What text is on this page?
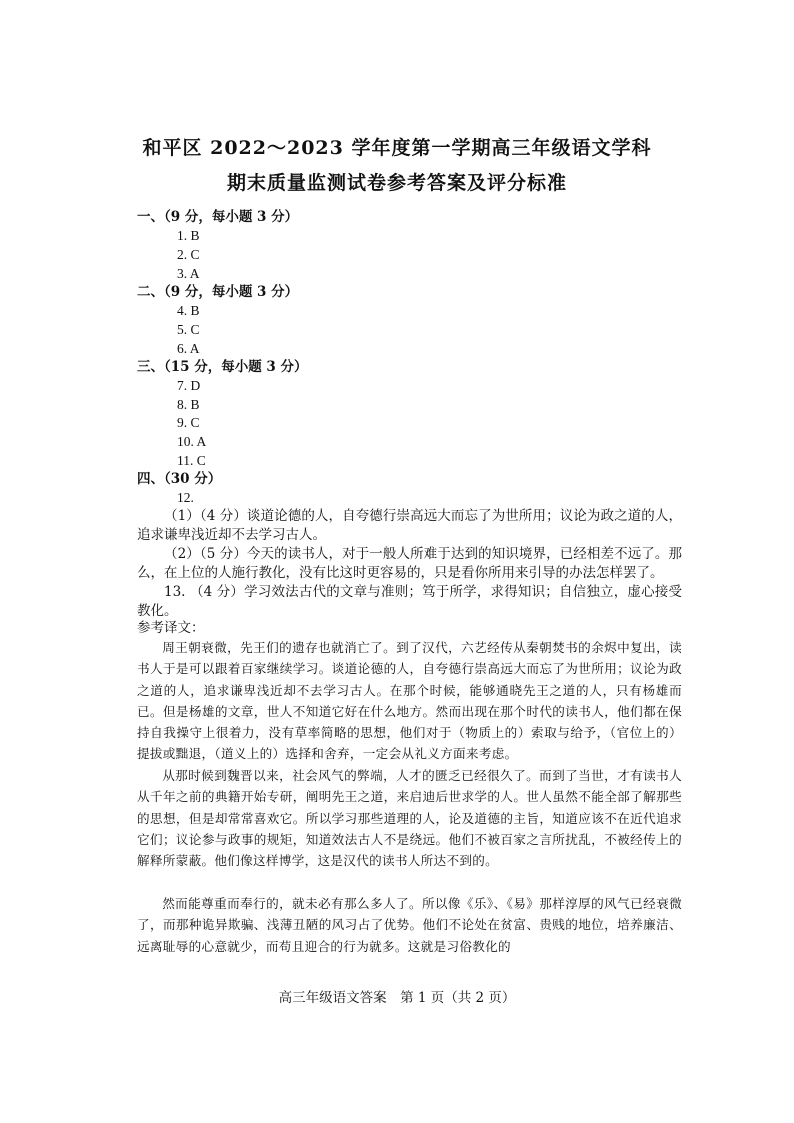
和平区 2022～2023 学年度第一学期高三年级语文学科
期末质量监测试卷参考答案及评分标准
一、（9 分，每小题 3 分）
1. B
2. C
3. A
二、（9 分，每小题 3 分）
4. B
5. C
6. A
三、（15 分，每小题 3 分）
7. D
8. B
9. C
10. A
11. C
四、（30 分）
12.
（1）（4 分）谈道论德的人，自夸德行崇高远大而忘了为世所用；议论为政之道的人，追求谦卑浅近却不去学习古人。
（2）（5 分）今天的读书人，对于一般人所难于达到的知识境界，已经相差不远了。那么，在上位的人施行教化，没有比这时更容易的，只是看你所用来引导的办法怎样罢了。
13. （4 分）学习效法古代的文章与准则；笃于所学，求得知识；自信独立，虚心接受教化。
参考译文：
周王朝衰微，先王们的遗存也就消亡了。到了汉代，六艺经传从秦朝焚书的余烬中复出，读书人于是可以跟着百家继续学习。谈道论德的人，自夸德行崇高远大而忘了为世所用；议论为政之道的人，追求谦卑浅近却不去学习古人。在那个时候，能够通晓先王之道的人，只有杨雄而已。但是杨雄的文章，世人不知道它好在什么地方。然而出现在那个时代的读书人，他们都在保持自我操守上很着力，没有草率简略的思想，他们对于（物质上的）索取与给予，（官位上的）提拔或黜退，（道义上的）选择和舍弃，一定会从礼义方面来考虑。
从那时候到魏晋以来，社会风气的弊端，人才的匮乏已经很久了。而到了当世，才有读书人从千年之前的典籍开始专研，阐明先王之道，来启迪后世求学的人。世人虽然不能全部了解那些的思想，但是却常常喜欢它。所以学习那些道理的人，论及道德的主旨，知道应该不在近代追求它们；议论参与政事的规矩，知道效法古人不是绕远。他们不被百家之言所扰乱，不被经传上的解释所蒙蔽。他们像这样博学，这是汉代的读书人所达不到的。
然而能尊重而奉行的，就未必有那么多人了。所以像《乐》、《易》那样淳厚的风气已经衰微了，而那种诡异欺骗、浅薄丑陋的风习占了优势。他们不论处在贫富、贵贱的地位，培养廉洁、远离耻辱的心意就少，而苟且迎合的行为就多。这就是习俗教化的
高三年级语文答案　第 1 页（共 2 页）
